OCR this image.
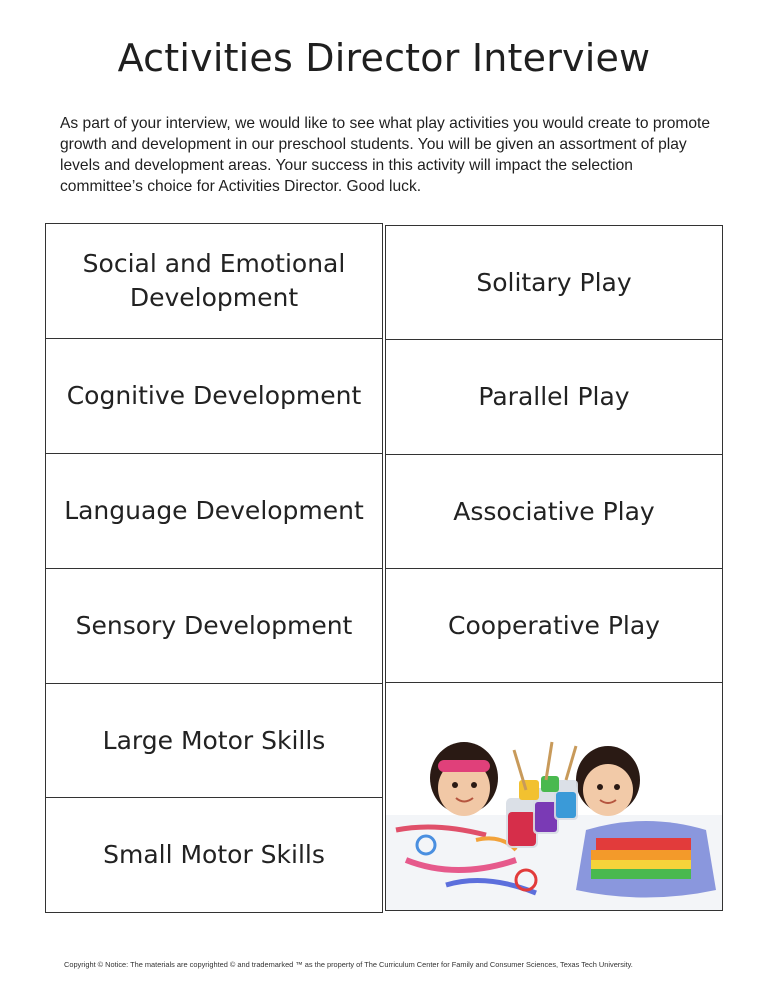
Activities Director Interview

As part of your interview, we would like to see what play activities you would create to promote growth and development in our preschool students. You will be given an assortment of play levels and development areas. Your success in this activity will impact the selection committee’s choice for Activities Director. Good luck.

Social and Emotional Development
Cognitive Development
Language Development
Sensory Development
Large Motor Skills
Small Motor Skills
Solitary Play
Parallel Play
Associative Play
Cooperative Play
Copyright © Notice: The materials are copyrighted © and trademarked ™ as the property of The Curriculum Center for Family and Consumer Sciences, Texas Tech University.
